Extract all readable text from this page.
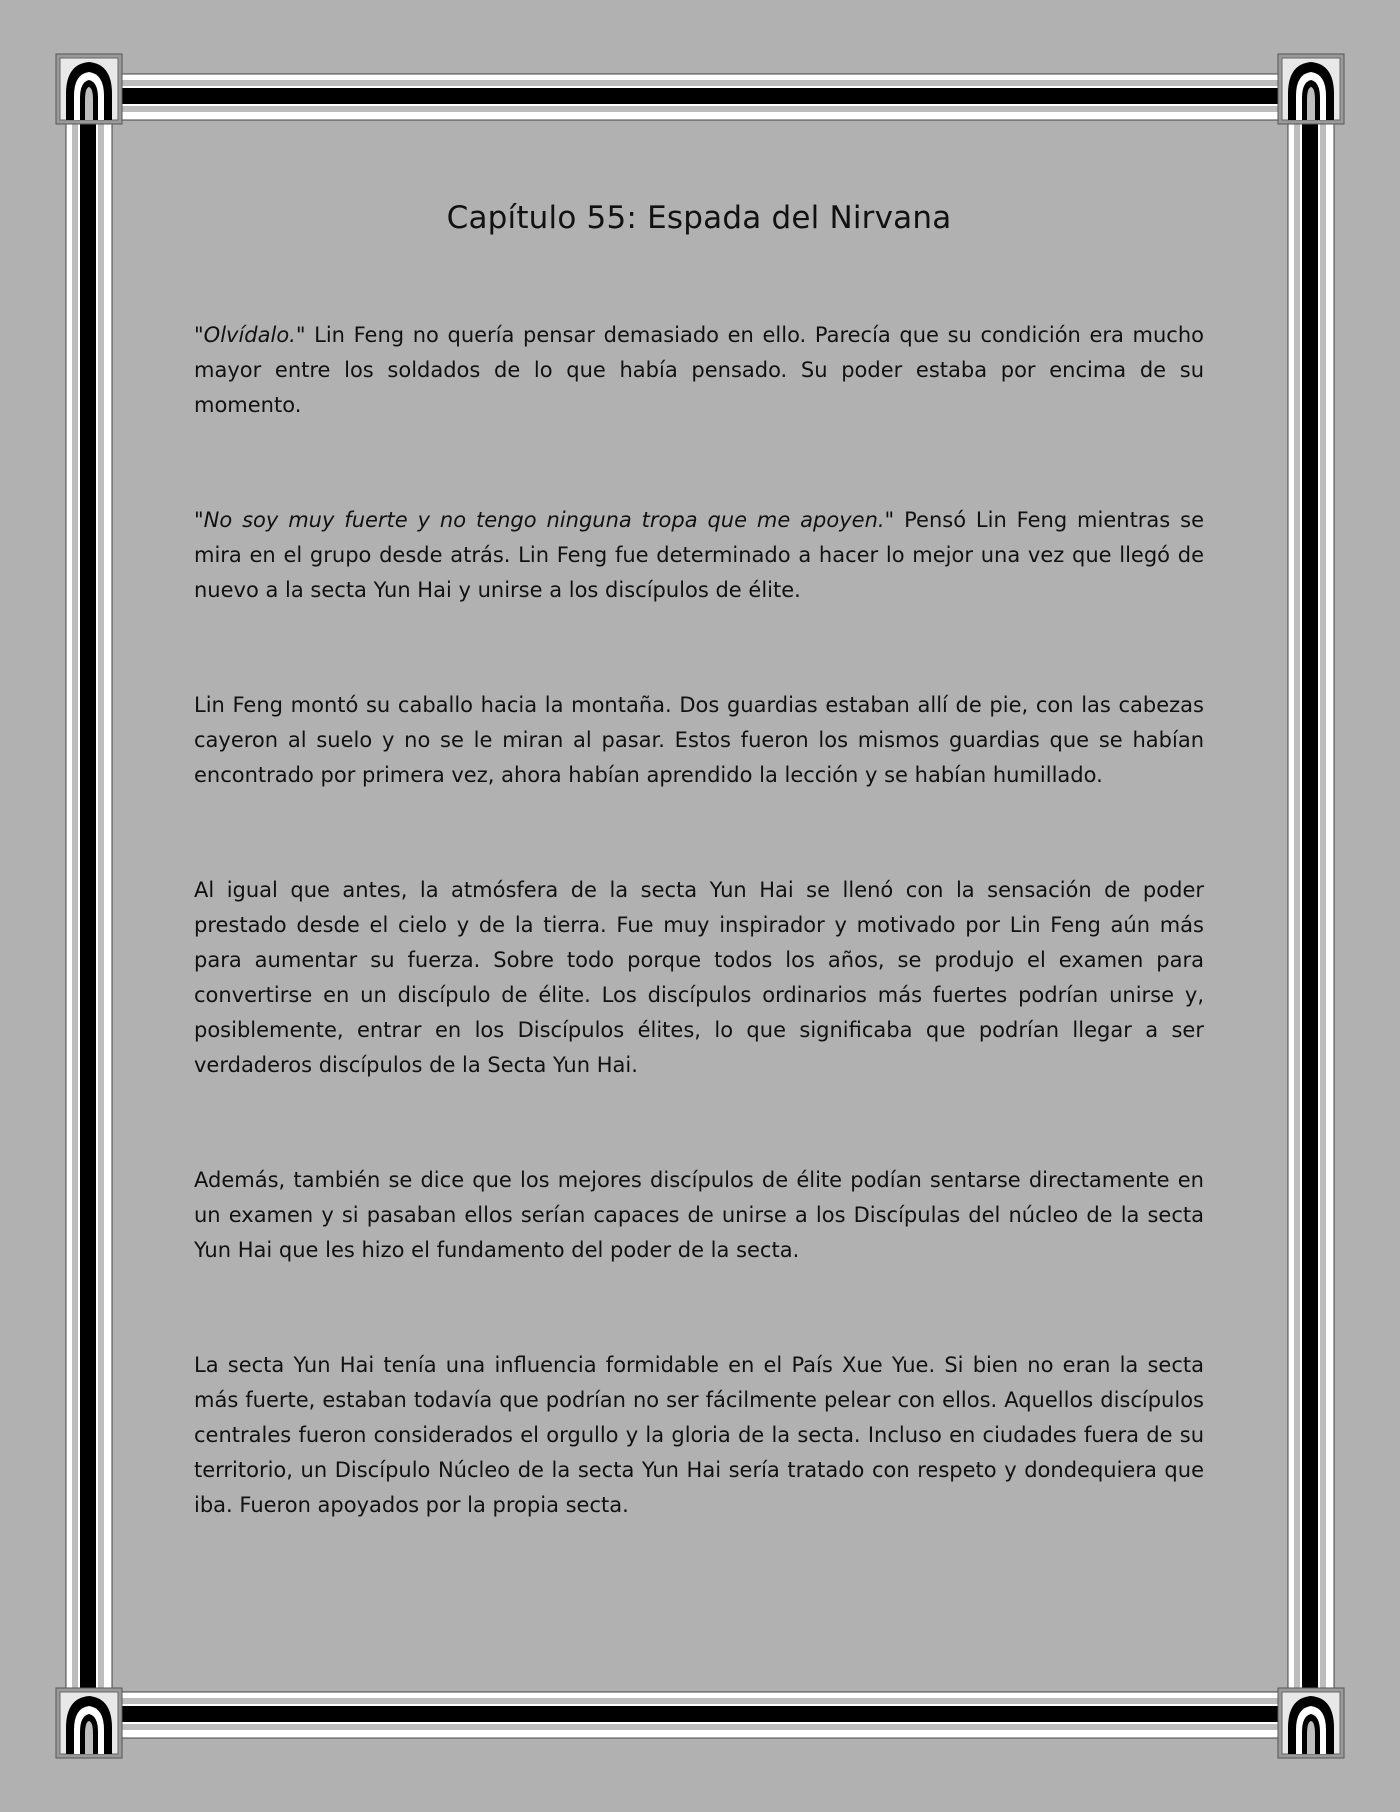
Capítulo 55: Espada del Nirvana

"Olvídalo." Lin Feng no quería pensar demasiado en ello. Parecía que su condición era mucho mayor entre los soldados de lo que había pensado. Su poder estaba por encima de su momento.

"No soy muy fuerte y no tengo ninguna tropa que me apoyen." Pensó Lin Feng mientras se mira en el grupo desde atrás. Lin Feng fue determinado a hacer lo mejor una vez que llegó de nuevo a la secta Yun Hai y unirse a los discípulos de élite.

Lin Feng montó su caballo hacia la montaña. Dos guardias estaban allí de pie, con las cabezas cayeron al suelo y no se le miran al pasar. Estos fueron los mismos guardias que se habían encontrado por primera vez, ahora habían aprendido la lección y se habían humillado.

Al igual que antes, la atmósfera de la secta Yun Hai se llenó con la sensación de poder prestado desde el cielo y de la tierra. Fue muy inspirador y motivado por Lin Feng aún más para aumentar su fuerza. Sobre todo porque todos los años, se produjo el examen para convertirse en un discípulo de élite. Los discípulos ordinarios más fuertes podrían unirse y, posiblemente, entrar en los Discípulos élites, lo que significaba que podrían llegar a ser verdaderos discípulos de la Secta Yun Hai.

Además, también se dice que los mejores discípulos de élite podían sentarse directamente en un examen y si pasaban ellos serían capaces de unirse a los Discípulas del núcleo de la secta Yun Hai que les hizo el fundamento del poder de la secta.

La secta Yun Hai tenía una influencia formidable en el País Xue Yue. Si bien no eran la secta más fuerte, estaban todavía que podrían no ser fácilmente pelear con ellos. Aquellos discípulos centrales fueron considerados el orgullo y la gloria de la secta. Incluso en ciudades fuera de su territorio, un Discípulo Núcleo de la secta Yun Hai sería tratado con respeto y dondequiera que iba. Fueron apoyados por la propia secta.
